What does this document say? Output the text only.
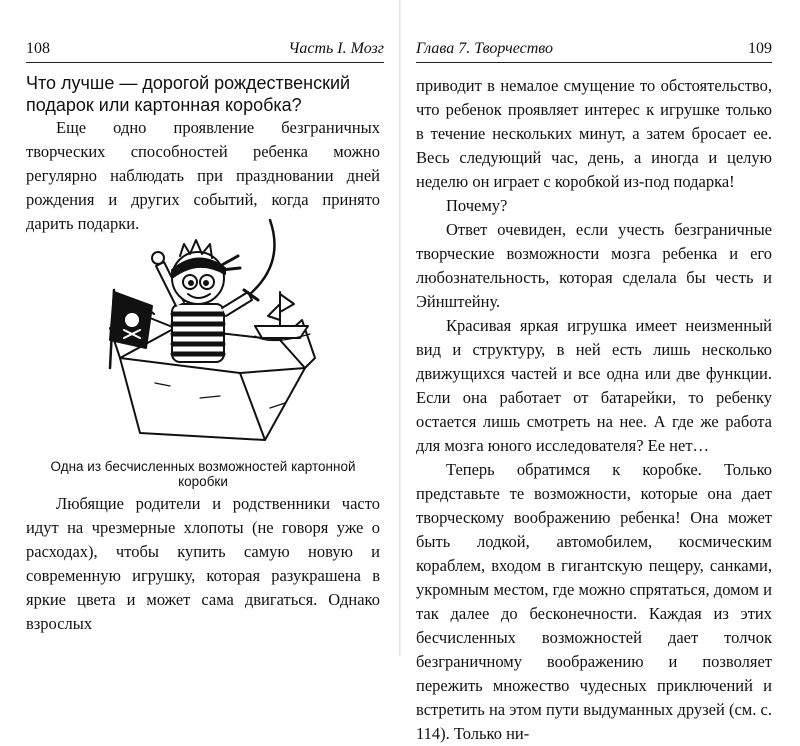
108	Часть I. Мозг
Что лучше — дорогой рождественский подарок или картонная коробка?

Еще одно проявление безграничных творческих способностей ребенка можно регулярно наблюдать при праздновании дней рождения и других событий, когда принято дарить подарки.

Одна из бесчисленных возможностей картонной коробки

Любящие родители и родственники часто идут на чрезмерные хлопоты (не говоря уже о расходах), чтобы купить самую новую и современную игрушку, которая разукрашена в яркие цвета и может сама двигаться. Однако взрослых

Глава 7. Творчество	109

приводит в немалое смущение то обстоятельство, что ребенок проявляет интерес к игрушке только в течение нескольких минут, а затем бросает ее. Весь следующий час, день, а иногда и целую неделю он играет с коробкой из-под подарка!

Почему?

Ответ очевиден, если учесть безграничные творческие возможности мозга ребенка и его любознательность, которая сделала бы честь и Эйнштейну.

Красивая яркая игрушка имеет неизменный вид и структуру, в ней есть лишь несколько движущихся частей и все одна или две функции. Если она работает от батарейки, то ребенку остается лишь смотреть на нее. А где же работа для мозга юного исследователя? Ее нет…

Теперь обратимся к коробке. Только представьте те возможности, которые она дает творческому воображению ребенка! Она может быть лодкой, автомобилем, космическим кораблем, входом в гигантскую пещеру, санками, укромным местом, где можно спрятаться, домом и так далее до бесконечности. Каждая из этих бесчисленных возможностей дает толчок безграничному воображению и позволяет пережить множество чудесных приключений и встретить на этом пути выдуманных друзей (см. с. 114). Только ни-
